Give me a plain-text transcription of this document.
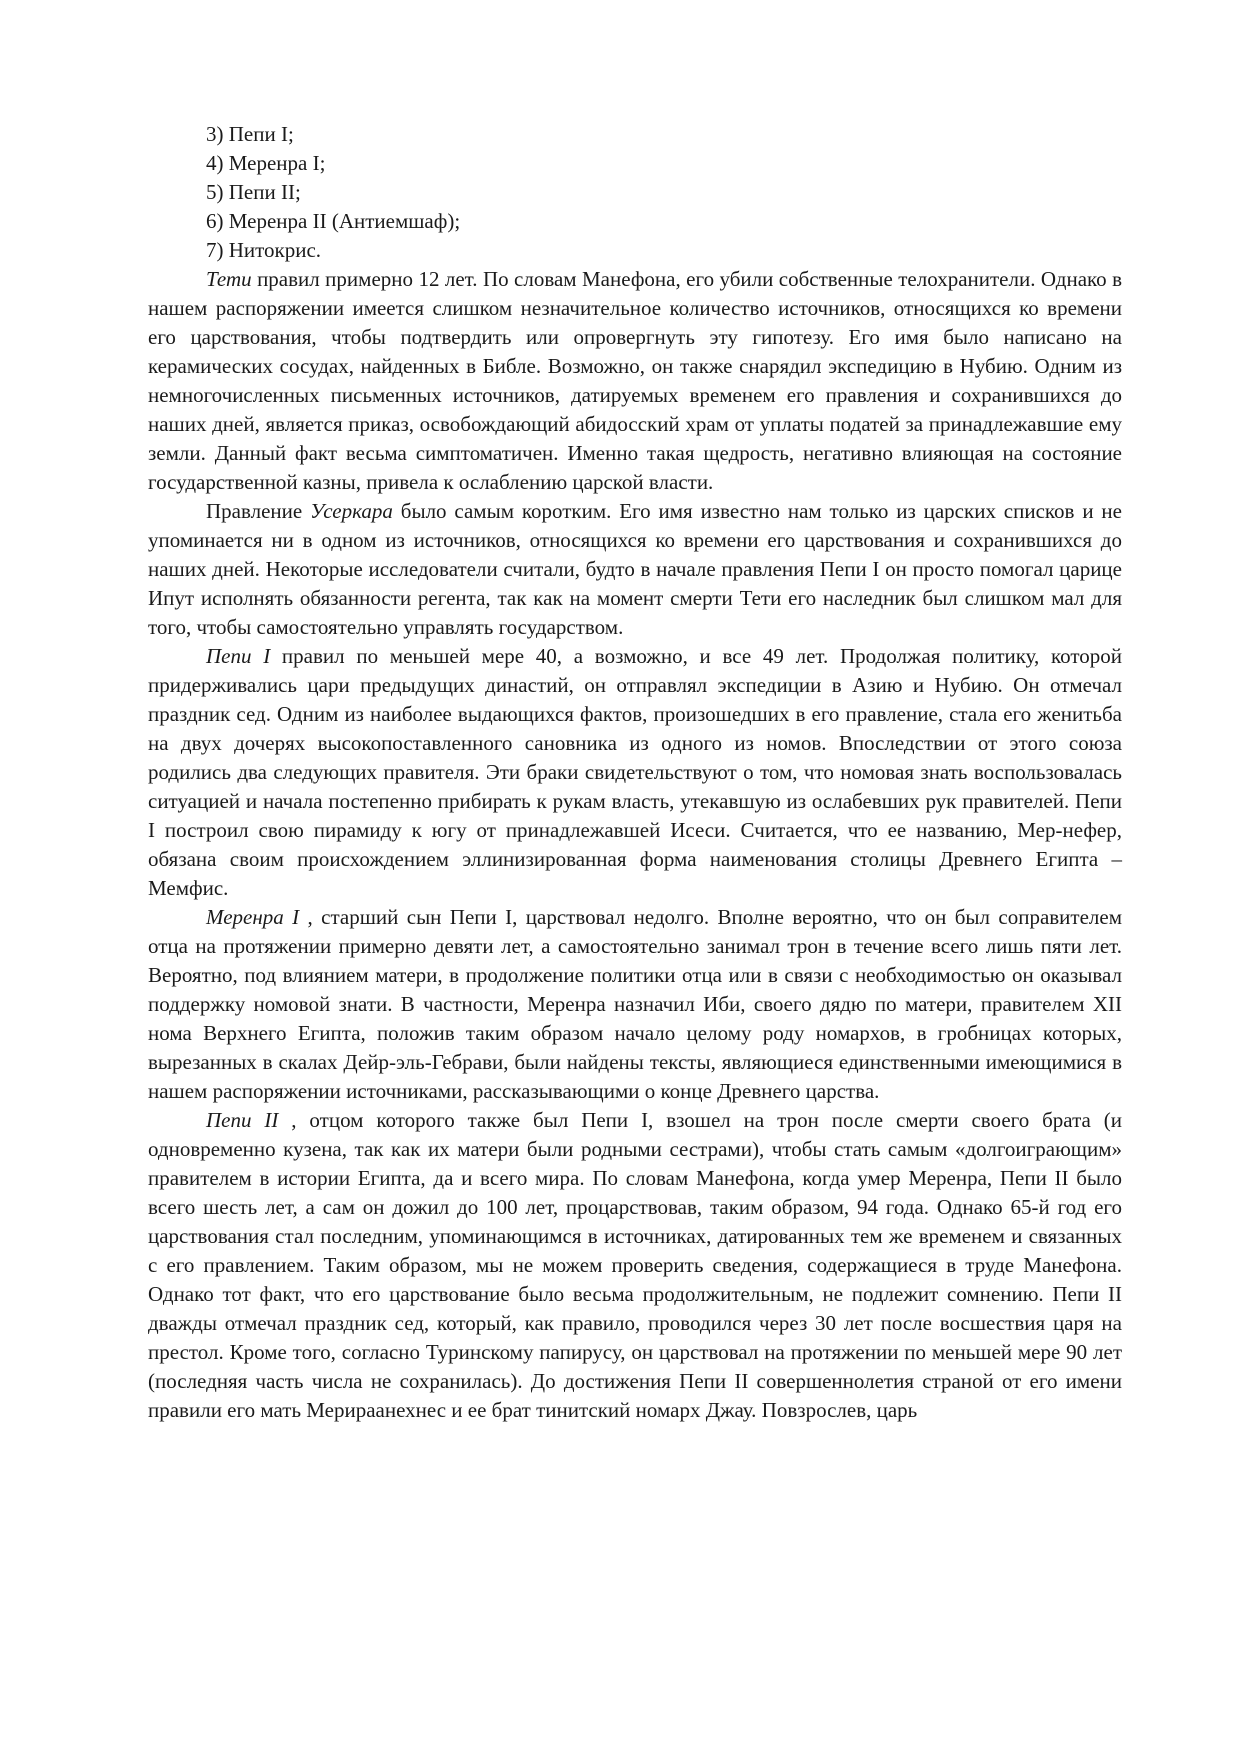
3) Пепи I;

4) Меренра I;

5) Пепи II;

6) Меренра II (Антиемшаф);

7) Нитокрис.

Тети правил примерно 12 лет. По словам Манефона, его убили собственные телохранители. Однако в нашем распоряжении имеется слишком незначительное количество источников, относящихся ко времени его царствования, чтобы подтвердить или опровергнуть эту гипотезу. Его имя было написано на керамических сосудах, найденных в Библе. Возможно, он также снарядил экспедицию в Нубию. Одним из немногочисленных письменных источников, датируемых временем его правления и сохранившихся до наших дней, является приказ, освобождающий абидосский храм от уплаты податей за принадлежавшие ему земли. Данный факт весьма симптоматичен. Именно такая щедрость, негативно влияющая на состояние государственной казны, привела к ослаблению царской власти.

Правление Усеркара было самым коротким. Его имя известно нам только из царских списков и не упоминается ни в одном из источников, относящихся ко времени его царствования и сохранившихся до наших дней. Некоторые исследователи считали, будто в начале правления Пепи I он просто помогал царице Ипут исполнять обязанности регента, так как на момент смерти Тети его наследник был слишком мал для того, чтобы самостоятельно управлять государством.

Пепи I правил по меньшей мере 40, а возможно, и все 49 лет. Продолжая политику, которой придерживались цари предыдущих династий, он отправлял экспедиции в Азию и Нубию. Он отмечал праздник сед. Одним из наиболее выдающихся фактов, произошедших в его правление, стала его женитьба на двух дочерях высокопоставленного сановника из одного из номов. Впоследствии от этого союза родились два следующих правителя. Эти браки свидетельствуют о том, что номовая знать воспользовалась ситуацией и начала постепенно прибирать к рукам власть, утекавшую из ослабевших рук правителей. Пепи I построил свою пирамиду к югу от принадлежавшей Исеси. Считается, что ее названию, Мер-нефер, обязана своим происхождением эллинизированная форма наименования столицы Древнего Египта – Мемфис.

Меренра I , старший сын Пепи I, царствовал недолго. Вполне вероятно, что он был соправителем отца на протяжении примерно девяти лет, а самостоятельно занимал трон в течение всего лишь пяти лет. Вероятно, под влиянием матери, в продолжение политики отца или в связи с необходимостью он оказывал поддержку номовой знати. В частности, Меренра назначил Иби, своего дядю по матери, правителем XII нома Верхнего Египта, положив таким образом начало целому роду номархов, в гробницах которых, вырезанных в скалах Дейр-эль-Гебрави, были найдены тексты, являющиеся единственными имеющимися в нашем распоряжении источниками, рассказывающими о конце Древнего царства.

Пепи II , отцом которого также был Пепи I, взошел на трон после смерти своего брата (и одновременно кузена, так как их матери были родными сестрами), чтобы стать самым «долгоиграющим» правителем в истории Египта, да и всего мира. По словам Манефона, когда умер Меренра, Пепи II было всего шесть лет, а сам он дожил до 100 лет, процарствовав, таким образом, 94 года. Однако 65-й год его царствования стал последним, упоминающимся в источниках, датированных тем же временем и связанных с его правлением. Таким образом, мы не можем проверить сведения, содержащиеся в труде Манефона. Однако тот факт, что его царствование было весьма продолжительным, не подлежит сомнению. Пепи II дважды отмечал праздник сед, который, как правило, проводился через 30 лет после восшествия царя на престол. Кроме того, согласно Туринскому папирусу, он царствовал на протяжении по меньшей мере 90 лет (последняя часть числа не сохранилась). До достижения Пепи II совершеннолетия страной от его имени правили его мать Мерираанехнес и ее брат тинитский номарх Джау. Повзрослев, царь
